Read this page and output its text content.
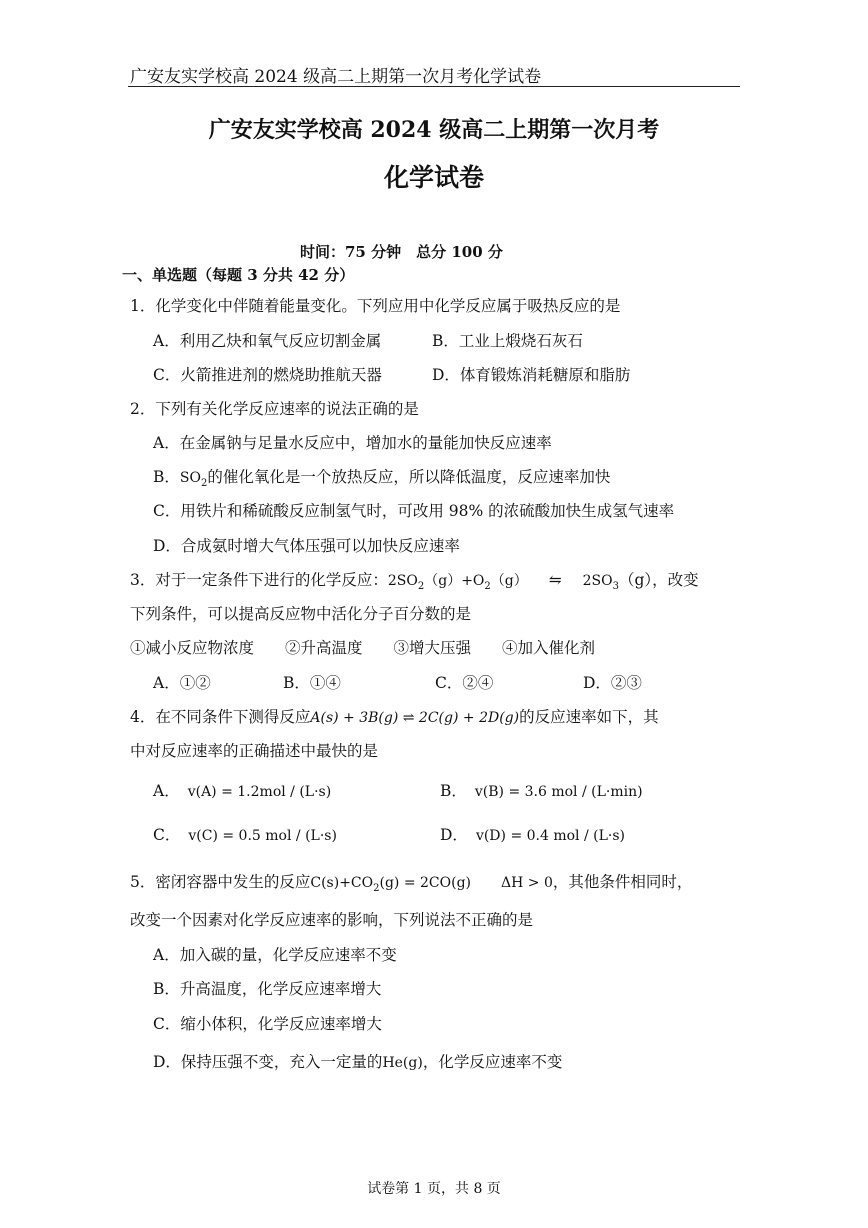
广安友实学校高 2024 级高二上期第一次月考化学试卷
广安友实学校高 2024 级高二上期第一次月考
化学试卷
时间：75 分钟　总分 100 分
一、单选题（每题 3 分共 42 分）
1．化学变化中伴随着能量变化。下列应用中化学反应属于吸热反应的是
A．利用乙炔和氧气反应切割金属	B．工业上煅烧石灰石
C．火箭推进剂的燃烧助推航天器	D．体育锻炼消耗糖原和脂肪
2．下列有关化学反应速率的说法正确的是
A．在金属钠与足量水反应中，增加水的量能加快反应速率
B．$SO_2$的催化氧化是一个放热反应，所以降低温度，反应速率加快
C．用铁片和稀硫酸反应制氢气时，可改用 98% 的浓硫酸加快生成氢气速率
D．合成氨时增大气体压强可以加快反应速率
3．对于一定条件下进行的化学反应：$2SO_2(g)+O_2(g)$ ⇋ $2SO_3(g)$，改变
下列条件，可以提高反应物中活化分子百分数的是
①减小反应物浓度　　②升高温度　　③增大压强　　④加入催化剂
A．①②	B．①④	C．②④	D．②③
4．在不同条件下测得反应A(s) + 3B(g) ⇌ 2C(g) + 2D(g)的反应速率如下，其
中对反应速率的正确描述中最快的是
A． v(A) = 1.2mol / (L·s)	B． v(B) = 3.6 mol / (L·min)
C． v(C) = 0.5 mol / (L·s)	D． v(D) = 0.4 mol / (L·s)
5．密闭容器中发生的反应$C(s)+CO_2(g) = 2CO(g) \Delta H > 0$，其他条件相同时，
改变一个因素对化学反应速率的影响，下列说法不正确的是
A．加入碳的量，化学反应速率不变
B．升高温度，化学反应速率增大
C．缩小体积，化学反应速率增大
D．保持压强不变，充入一定量的He(g)，化学反应速率不变
试卷第 1 页，共 8 页
